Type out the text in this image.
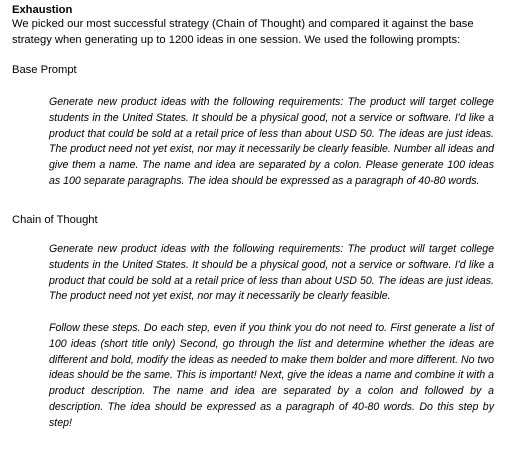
Exhaustion
We picked our most successful strategy (Chain of Thought) and compared it against the base strategy when generating up to 1200 ideas in one session. We used the following prompts:
Base Prompt

Generate new product ideas with the following requirements: The product will target college students in the United States. It should be a physical good, not a service or software. I'd like a product that could be sold at a retail price of less than about USD 50. The ideas are just ideas. The product need not yet exist, nor may it necessarily be clearly feasible. Number all ideas and give them a name. The name and idea are separated by a colon. Please generate 100 ideas as 100 separate paragraphs. The idea should be expressed as a paragraph of 40-80 words.

Chain of Thought

Generate new product ideas with the following requirements: The product will target college students in the United States. It should be a physical good, not a service or software. I'd like a product that could be sold at a retail price of less than about USD 50. The ideas are just ideas. The product need not yet exist, nor may it necessarily be clearly feasible.

Follow these steps. Do each step, even if you think you do not need to. First generate a list of 100 ideas (short title only) Second, go through the list and determine whether the ideas are different and bold, modify the ideas as needed to make them bolder and more different. No two ideas should be the same. This is important! Next, give the ideas a name and combine it with a product description. The name and idea are separated by a colon and followed by a description. The idea should be expressed as a paragraph of 40-80 words. Do this step by step!
